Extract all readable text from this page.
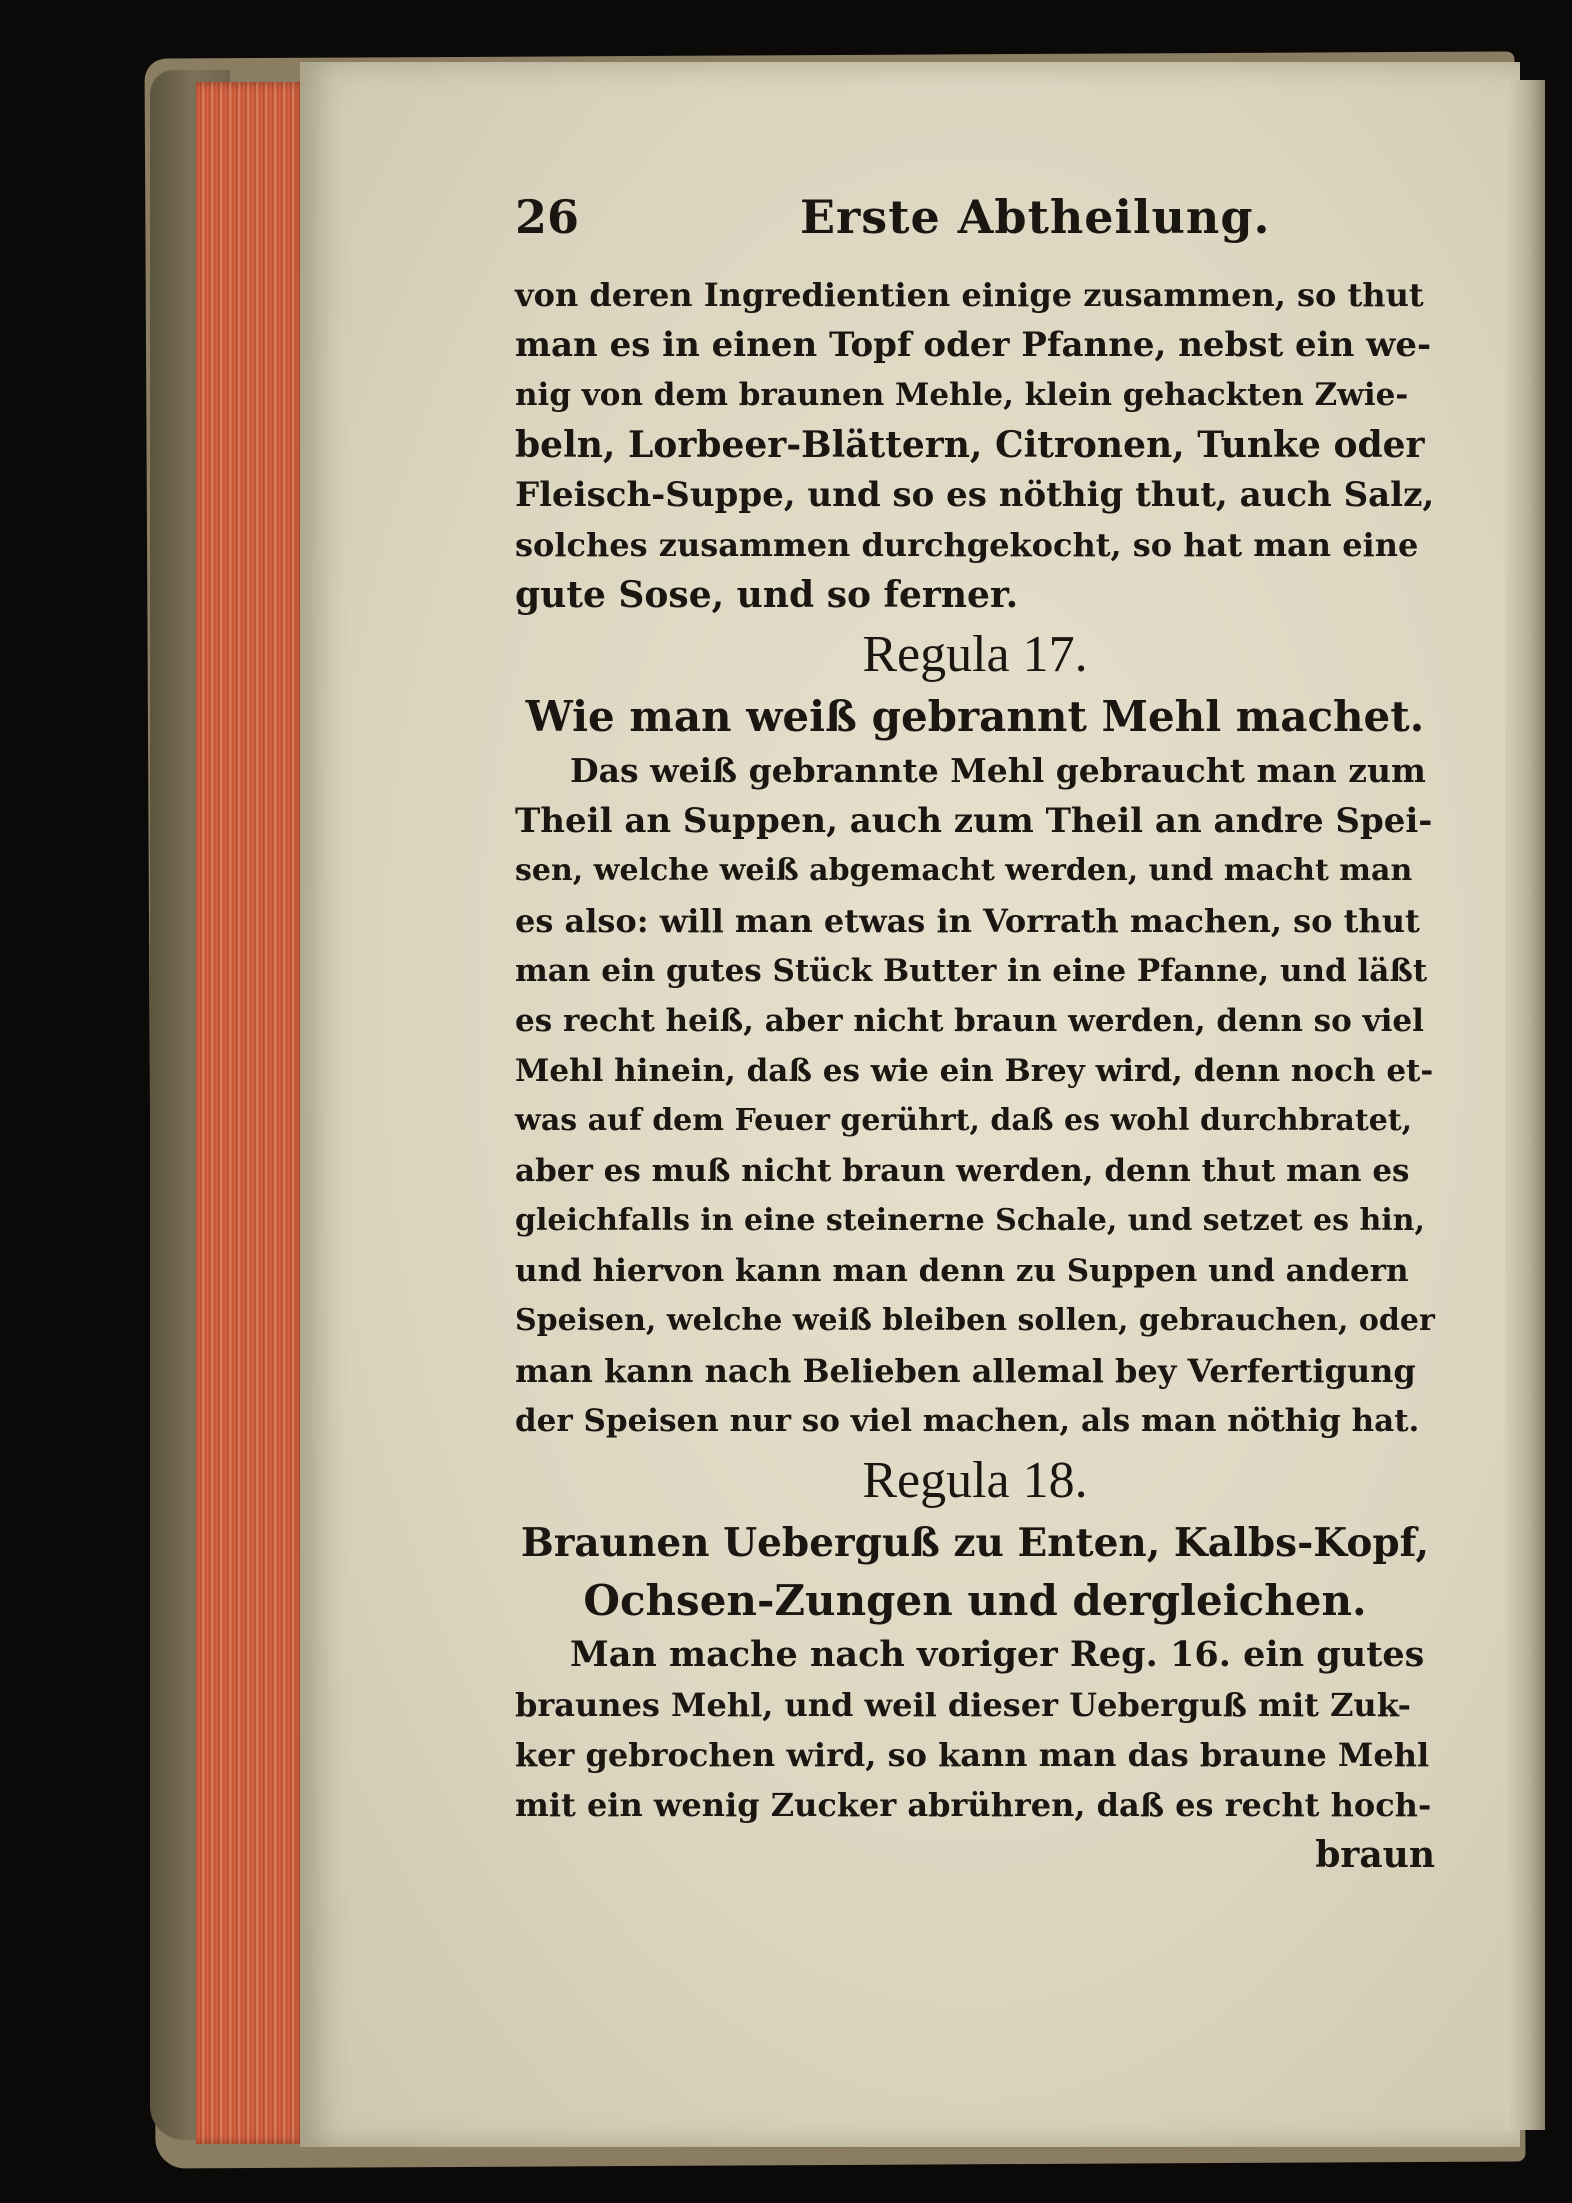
26	Erste Abtheilung.
von deren Ingredientien einige zusammen, so thut
man es in einen Topf oder Pfanne, nebst ein we-
nig von dem braunen Mehle, klein gehackten Zwie-
beln, Lorbeer-Blättern, Citronen, Tunke oder
Fleisch-Suppe, und so es nöthig thut, auch Salz,
solches zusammen durchgekocht, so hat man eine
gute Sose, und so ferner.
Regula 17.
Wie man weiß gebrannt Mehl machet.
Das weiß gebrannte Mehl gebraucht man zum
Theil an Suppen, auch zum Theil an andre Spei-
sen, welche weiß abgemacht werden, und macht man
es also: will man etwas in Vorrath machen, so thut
man ein gutes Stück Butter in eine Pfanne, und läßt
es recht heiß, aber nicht braun werden, denn so viel
Mehl hinein, daß es wie ein Brey wird, denn noch et-
was auf dem Feuer gerührt, daß es wohl durchbratet,
aber es muß nicht braun werden, denn thut man es
gleichfalls in eine steinerne Schale, und setzet es hin,
und hiervon kann man denn zu Suppen und andern
Speisen, welche weiß bleiben sollen, gebrauchen, oder
man kann nach Belieben allemal bey Verfertigung
der Speisen nur so viel machen, als man nöthig hat.
Regula 18.
Braunen Ueberguß zu Enten, Kalbs-Kopf,
Ochsen-Zungen und dergleichen.
Man mache nach voriger Reg. 16. ein gutes
braunes Mehl, und weil dieser Ueberguß mit Zuk-
ker gebrochen wird, so kann man das braune Mehl
mit ein wenig Zucker abrühren, daß es recht hoch-
braun
